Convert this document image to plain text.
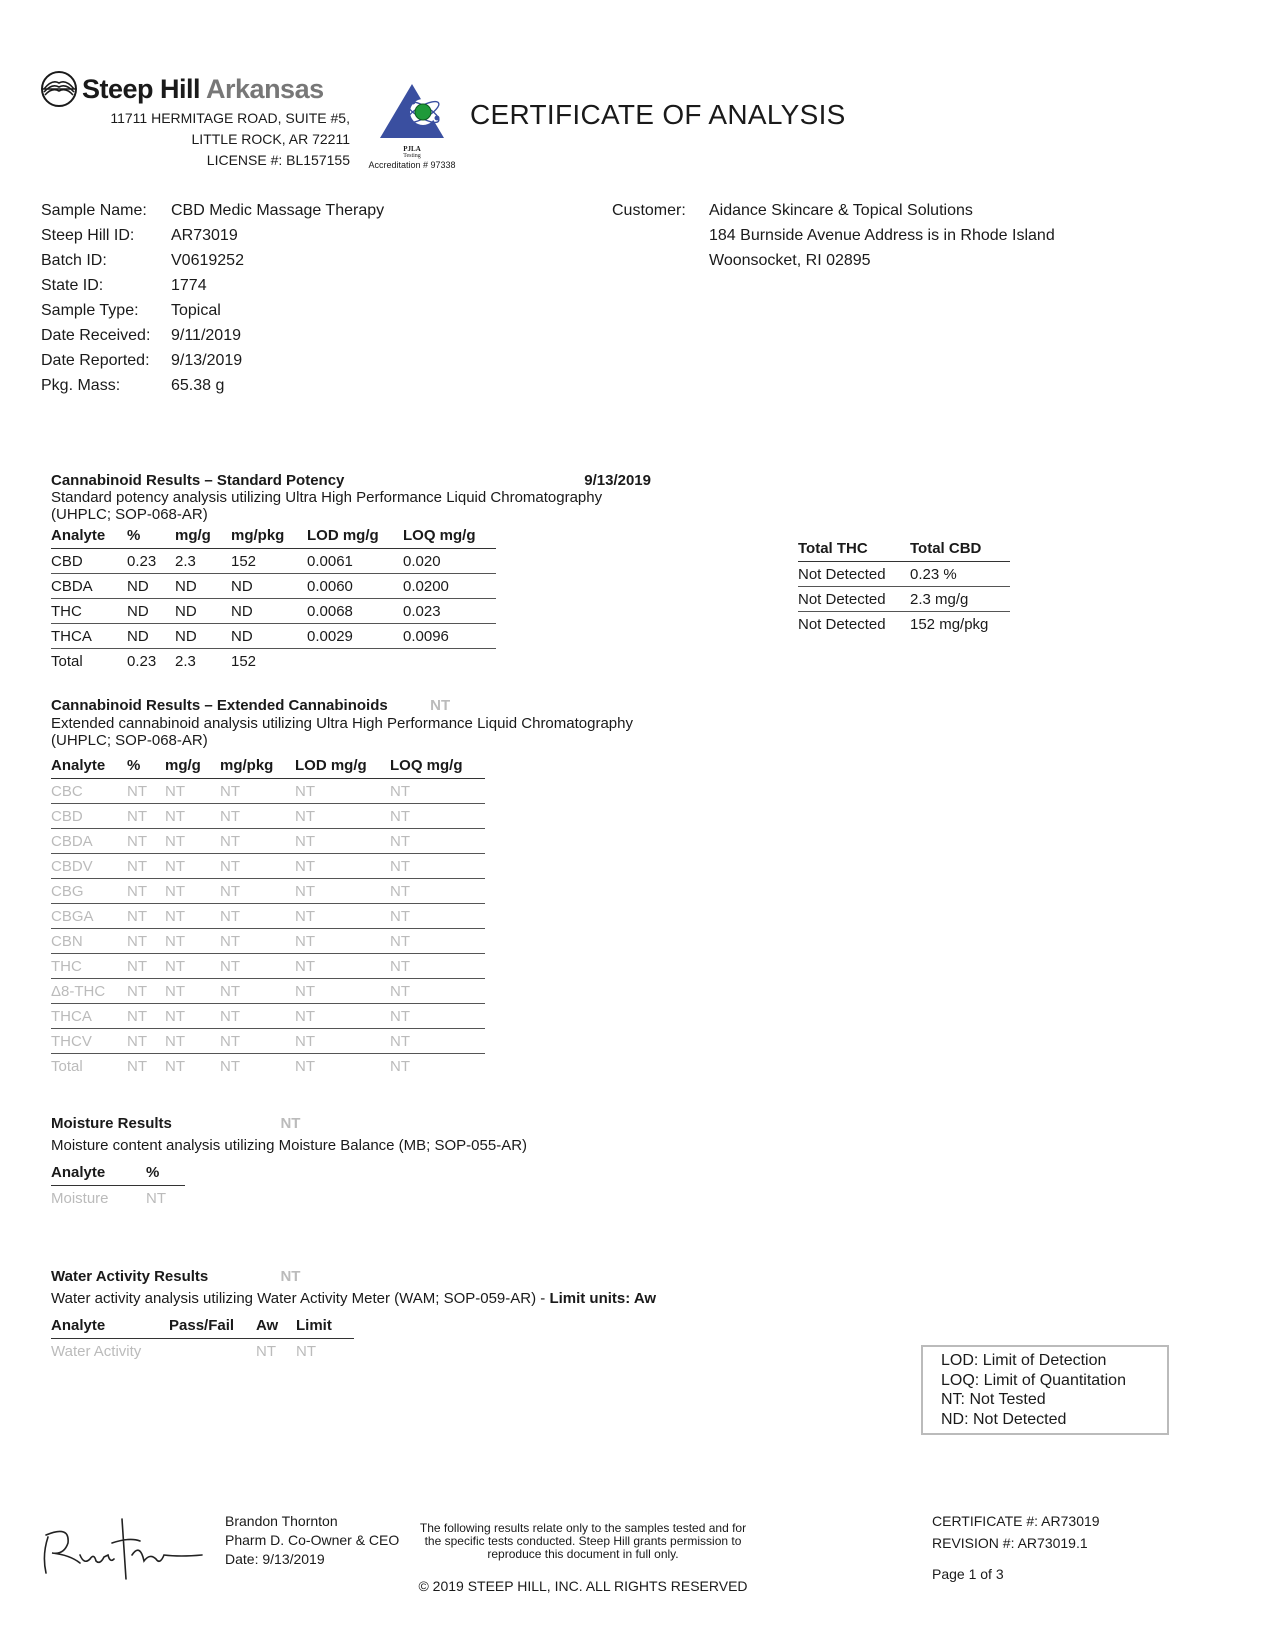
Steep Hill Arkansas
11711 HERMITAGE ROAD, SUITE #5,
LITTLE ROCK, AR 72211
LICENSE #: BL157155
PJLA
Testing
Accreditation # 97338
CERTIFICATE OF ANALYSIS
Sample Name: CBD Medic Massage Therapy
Steep Hill ID: AR73019
Batch ID:	V0619252
State ID:	1774
Sample Type: Topical
Date Received: 9/11/2019
Date Reported: 9/13/2019
Pkg. Mass:	65.38 g
Customer: Aidance Skincare & Topical Solutions
184 Burnside Avenue Address is in Rhode Island
Woonsocket, RI 02895
Cannabinoid Results – Standard Potency	9/13/2019
Standard potency analysis utilizing Ultra High Performance Liquid Chromatography
(UHPLC; SOP-068-AR)
Analyte	%	mg/g	mg/pkg	LOD mg/g	LOQ mg/g
CBD	0.23	2.3	152	0.0061	0.020
CBDA	ND	ND	ND	0.0060	0.0200
THC	ND	ND	ND	0.0068	0.023
THCA	ND	ND	ND	0.0029	0.0096
Total	0.23	2.3	152		
Total THC	Total CBD
Not Detected	0.23 %
Not Detected	2.3 mg/g
Not Detected	152 mg/pkg
Cannabinoid Results – Extended Cannabinoids	NT
Extended cannabinoid analysis utilizing Ultra High Performance Liquid Chromatography
(UHPLC; SOP-068-AR)
Analyte	%	mg/g	mg/pkg	LOD mg/g	LOQ mg/g
CBC	NT	NT	NT	NT	NT
CBD	NT	NT	NT	NT	NT
CBDA	NT	NT	NT	NT	NT
CBDV	NT	NT	NT	NT	NT
CBG	NT	NT	NT	NT	NT
CBGA	NT	NT	NT	NT	NT
CBN	NT	NT	NT	NT	NT
THC	NT	NT	NT	NT	NT
Δ8-THC	NT	NT	NT	NT	NT
THCA	NT	NT	NT	NT	NT
THCV	NT	NT	NT	NT	NT
Total	NT	NT	NT	NT	NT
Moisture Results	NT
Moisture content analysis utilizing Moisture Balance (MB; SOP-055-AR)
Analyte	%
Moisture	NT
Water Activity Results	NT
Water activity analysis utilizing Water Activity Meter (WAM; SOP-059-AR) - Limit units: Aw
Analyte	Pass/Fail	Aw	Limit
Water Activity		NT	NT
LOD: Limit of Detection
LOQ: Limit of Quantitation
NT: Not Tested
ND: Not Detected
Brandon Thornton
Pharm D. Co-Owner & CEO
Date: 9/13/2019
The following results relate only to the samples tested and for
the specific tests conducted. Steep Hill grants permission to
reproduce this document in full only.
© 2019 STEEP HILL, INC. ALL RIGHTS RESERVED
CERTIFICATE #: AR73019
REVISION #: AR73019.1
Page 1 of 3
